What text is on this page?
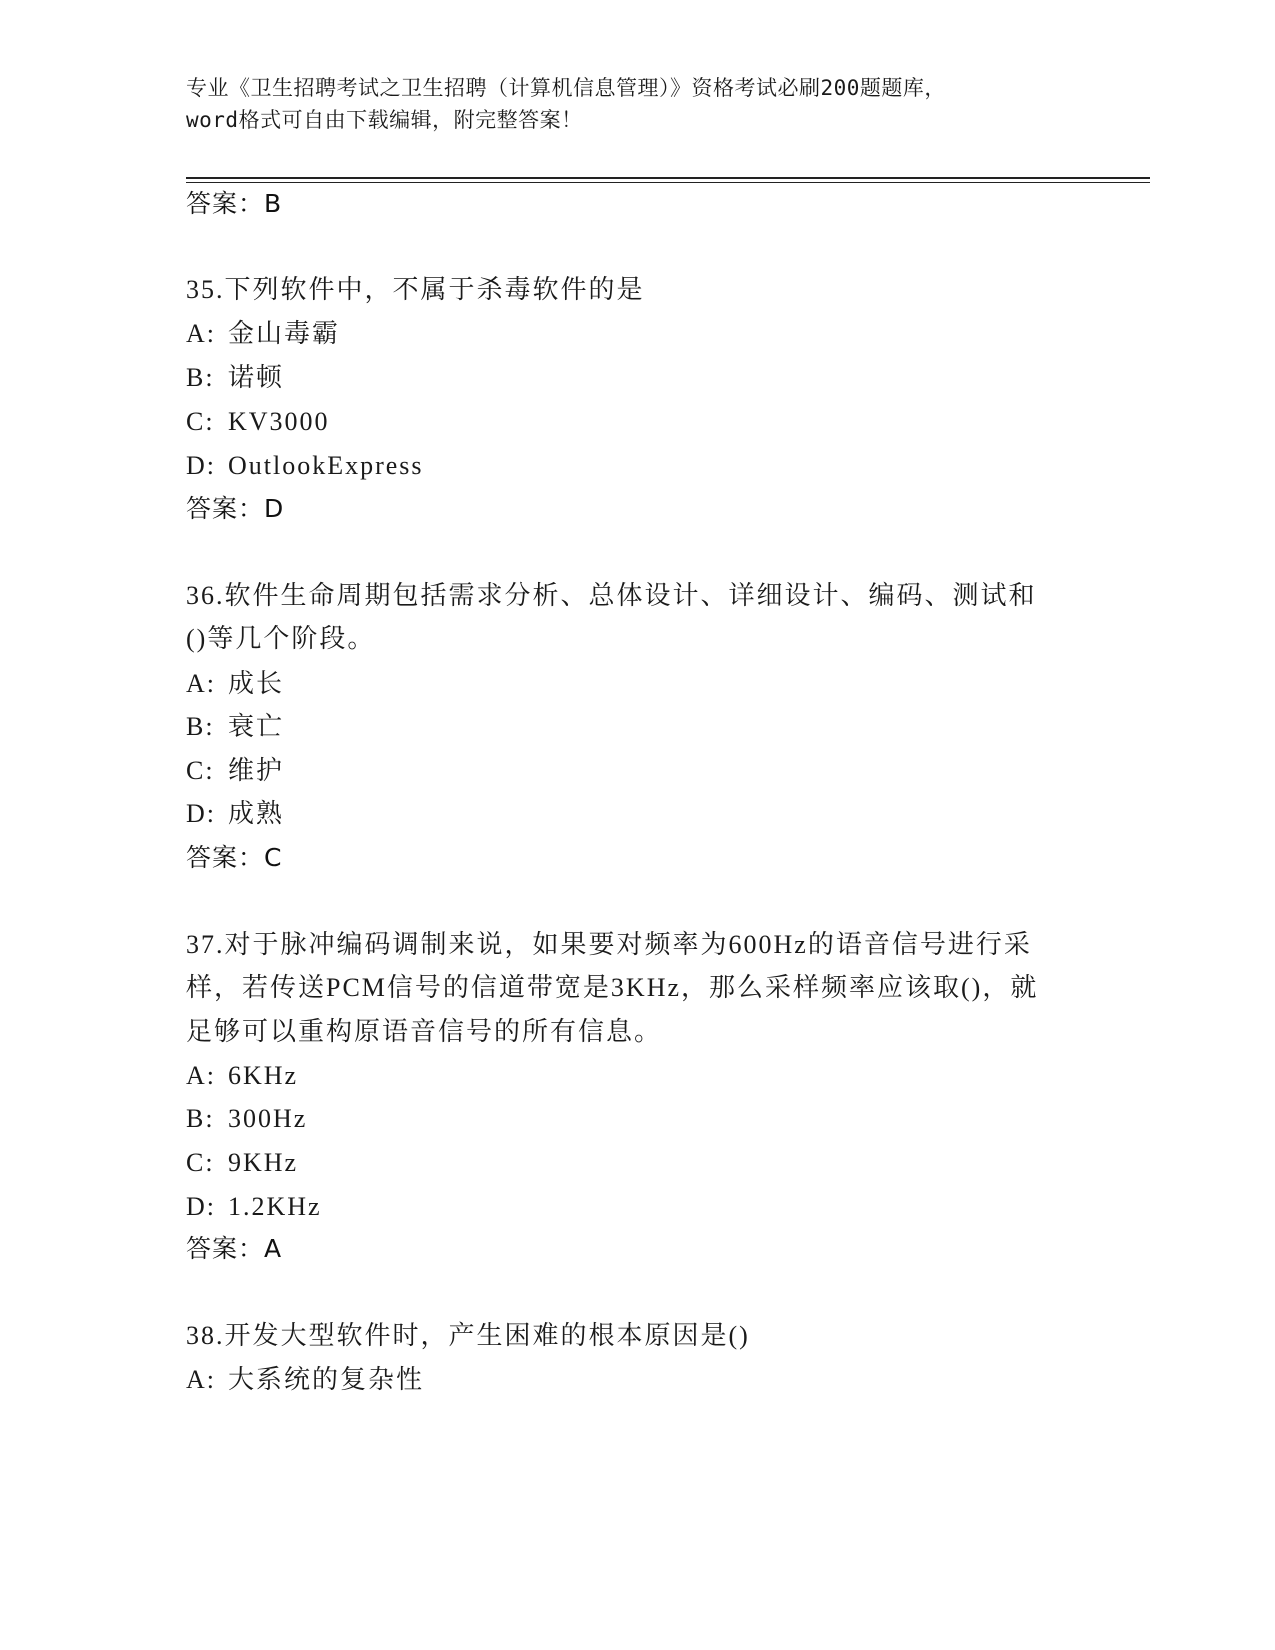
专业《卫生招聘考试之卫生招聘（计算机信息管理）》资格考试必刷200题题库，
word格式可自由下载编辑，附完整答案！
答案：B
35.下列软件中，不属于杀毒软件的是
A: 金山毒霸
B: 诺顿
C: KV3000
D: OutlookExpress
答案：D
36.软件生命周期包括需求分析、总体设计、详细设计、编码、测试和
()等几个阶段。
A: 成长
B: 衰亡
C: 维护
D: 成熟
答案：C
37.对于脉冲编码调制来说，如果要对频率为600Hz的语音信号进行采
样，若传送PCM信号的信道带宽是3KHz，那么采样频率应该取()，就
足够可以重构原语音信号的所有信息。
A: 6KHz
B: 300Hz
C: 9KHz
D: 1.2KHz
答案：A
38.开发大型软件时，产生困难的根本原因是()
A: 大系统的复杂性
